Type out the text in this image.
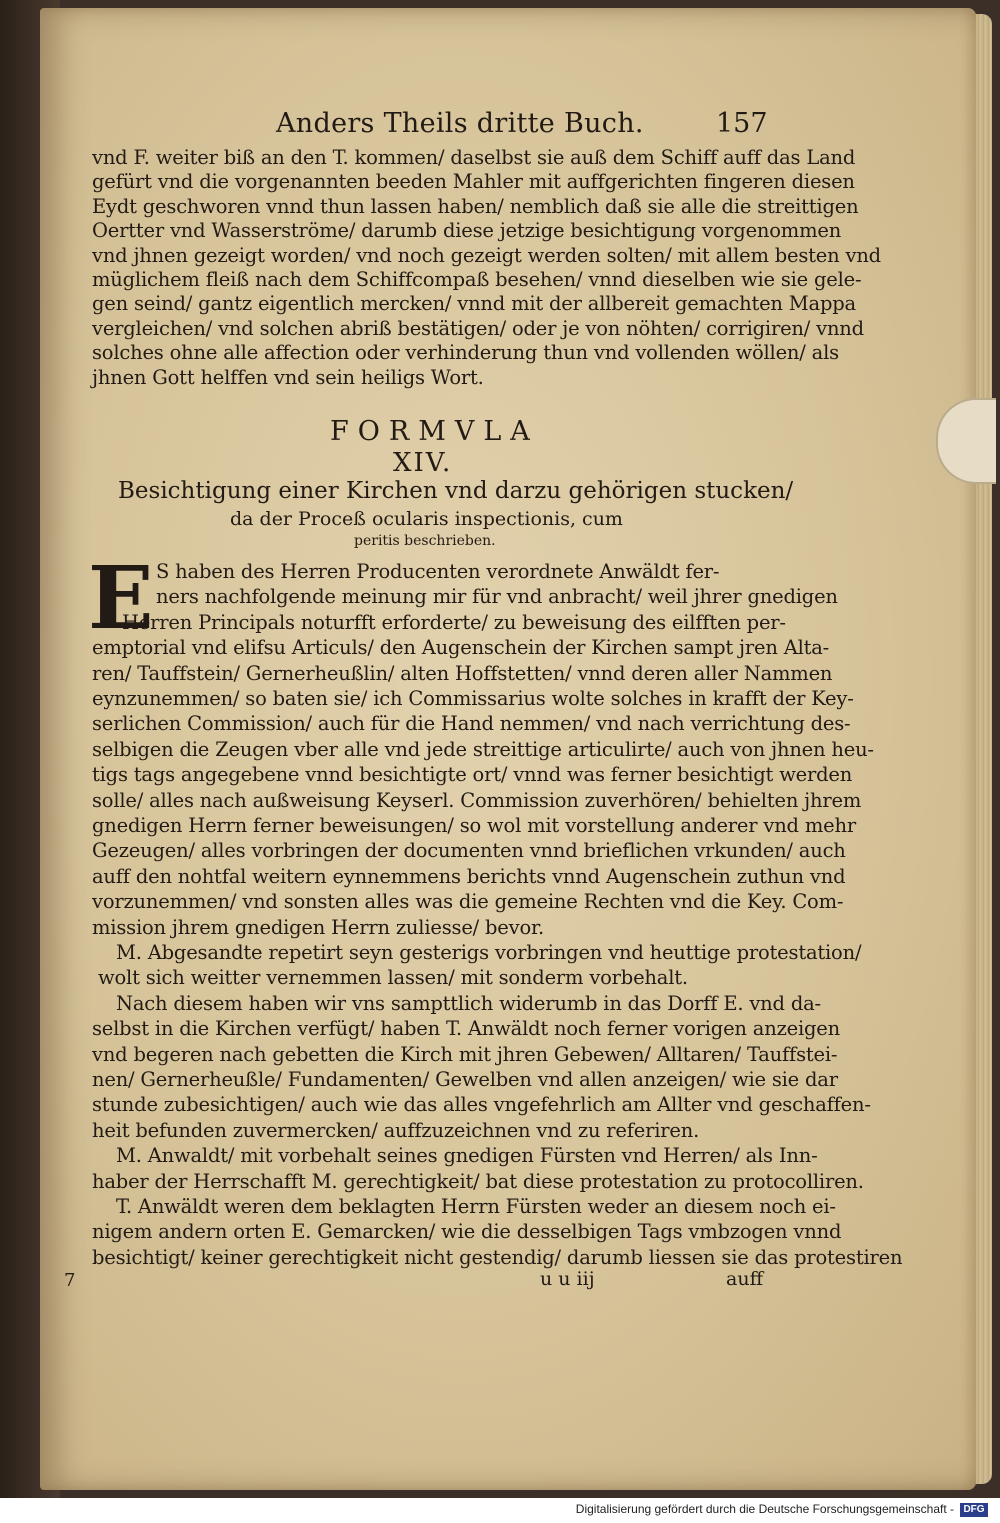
Anders Theils dritte Buch.	157
vnd F. weiter biß an den T. kommen/ daselbst sie auß dem Schiff auff das Land
gefürt vnd die vorgenannten beeden Mahler mit auffgerichten fingeren diesen
Eydt geschworen vnnd thun lassen haben/ nemblich daß sie alle die streittigen
Oertter vnd Wasserströme/ darumb diese jetzige besichtigung vorgenommen
vnd jhnen gezeigt worden/ vnd noch gezeigt werden solten/ mit allem besten vnd
müglichem fleiß nach dem Schiffcompaß besehen/ vnnd dieselben wie sie gele-
gen seind/ gantz eigentlich mercken/ vnnd mit der allbereit gemachten Mappa
vergleichen/ vnd solchen abriß bestätigen/ oder je von nöhten/ corrigiren/ vnnd
solches ohne alle affection oder verhinderung thun vnd vollenden wöllen/ als
jhnen Gott helffen vnd sein heiligs Wort.
FORMVLA
XIV.
Besichtigung einer Kirchen vnd darzu gehörigen stucken/
da der Proceß ocularis inspectionis, cum
peritis beschrieben.
E S haben des Herren Producenten verordnete Anwäldt fer-
ners nachfolgende meinung mir für vnd anbracht/ weil jhrer gnedigen
Herren Principals noturfft erforderte/ zu beweisung des eilfften per-
emptorial vnd elifsu Articuls/ den Augenschein der Kirchen sampt jren Alta-
ren/ Tauffstein/ Gernerheußlin/ alten Hoffstetten/ vnnd deren aller Nammen
eynzunemmen/ so baten sie/ ich Commissarius wolte solches in krafft der Key-
serlichen Commission/ auch für die Hand nemmen/ vnd nach verrichtung des-
selbigen die Zeugen vber alle vnd jede streittige articulirte/ auch von jhnen heu-
tigs tags angegebene vnnd besichtigte ort/ vnnd was ferner besichtigt werden
solle/ alles nach außweisung Keyserl. Commission zuverhören/ behielten jhrem
gnedigen Herrn ferner beweisungen/ so wol mit vorstellung anderer vnd mehr
Gezeugen/ alles vorbringen der documenten vnnd brieflichen vrkunden/ auch
auff den nohtfal weitern eynnemmens berichts vnnd Augenschein zuthun vnd
vorzunemmen/ vnd sonsten alles was die gemeine Rechten vnd die Key. Com-
mission jhrem gnedigen Herrn zuliesse/ bevor.
M. Abgesandte repetirt seyn gesterigs vorbringen vnd heuttige protestation/
wolt sich weitter vernemmen lassen/ mit sonderm vorbehalt.
Nach diesem haben wir vns sampttlich widerumb in das Dorff E. vnd da-
selbst in die Kirchen verfügt/ haben T. Anwäldt noch ferner vorigen anzeigen
vnd begeren nach gebetten die Kirch mit jhren Gebewen/ Alltaren/ Tauffstei-
nen/ Gernerheußle/ Fundamenten/ Gewelben vnd allen anzeigen/ wie sie dar
stunde zubesichtigen/ auch wie das alles vngefehrlich am Allter vnd geschaffen-
heit befunden zuvermercken/ auffzuzeichnen vnd zu referiren.
M. Anwaldt/ mit vorbehalt seines gnedigen Fürsten vnd Herren/ als Inn-
haber der Herrschafft M. gerechtigkeit/ bat diese protestation zu protocolliren.
T. Anwäldt weren dem beklagten Herrn Fürsten weder an diesem noch ei-
nigem andern orten E. Gemarcken/ wie die desselbigen Tags vmbzogen vnnd
besichtigt/ keiner gerechtigkeit nicht gestendig/ darumb liessen sie das protestiren
7	u u iij	auff
Digitalisierung gefördert durch die Deutsche Forschungsgemeinschaft - DFG
